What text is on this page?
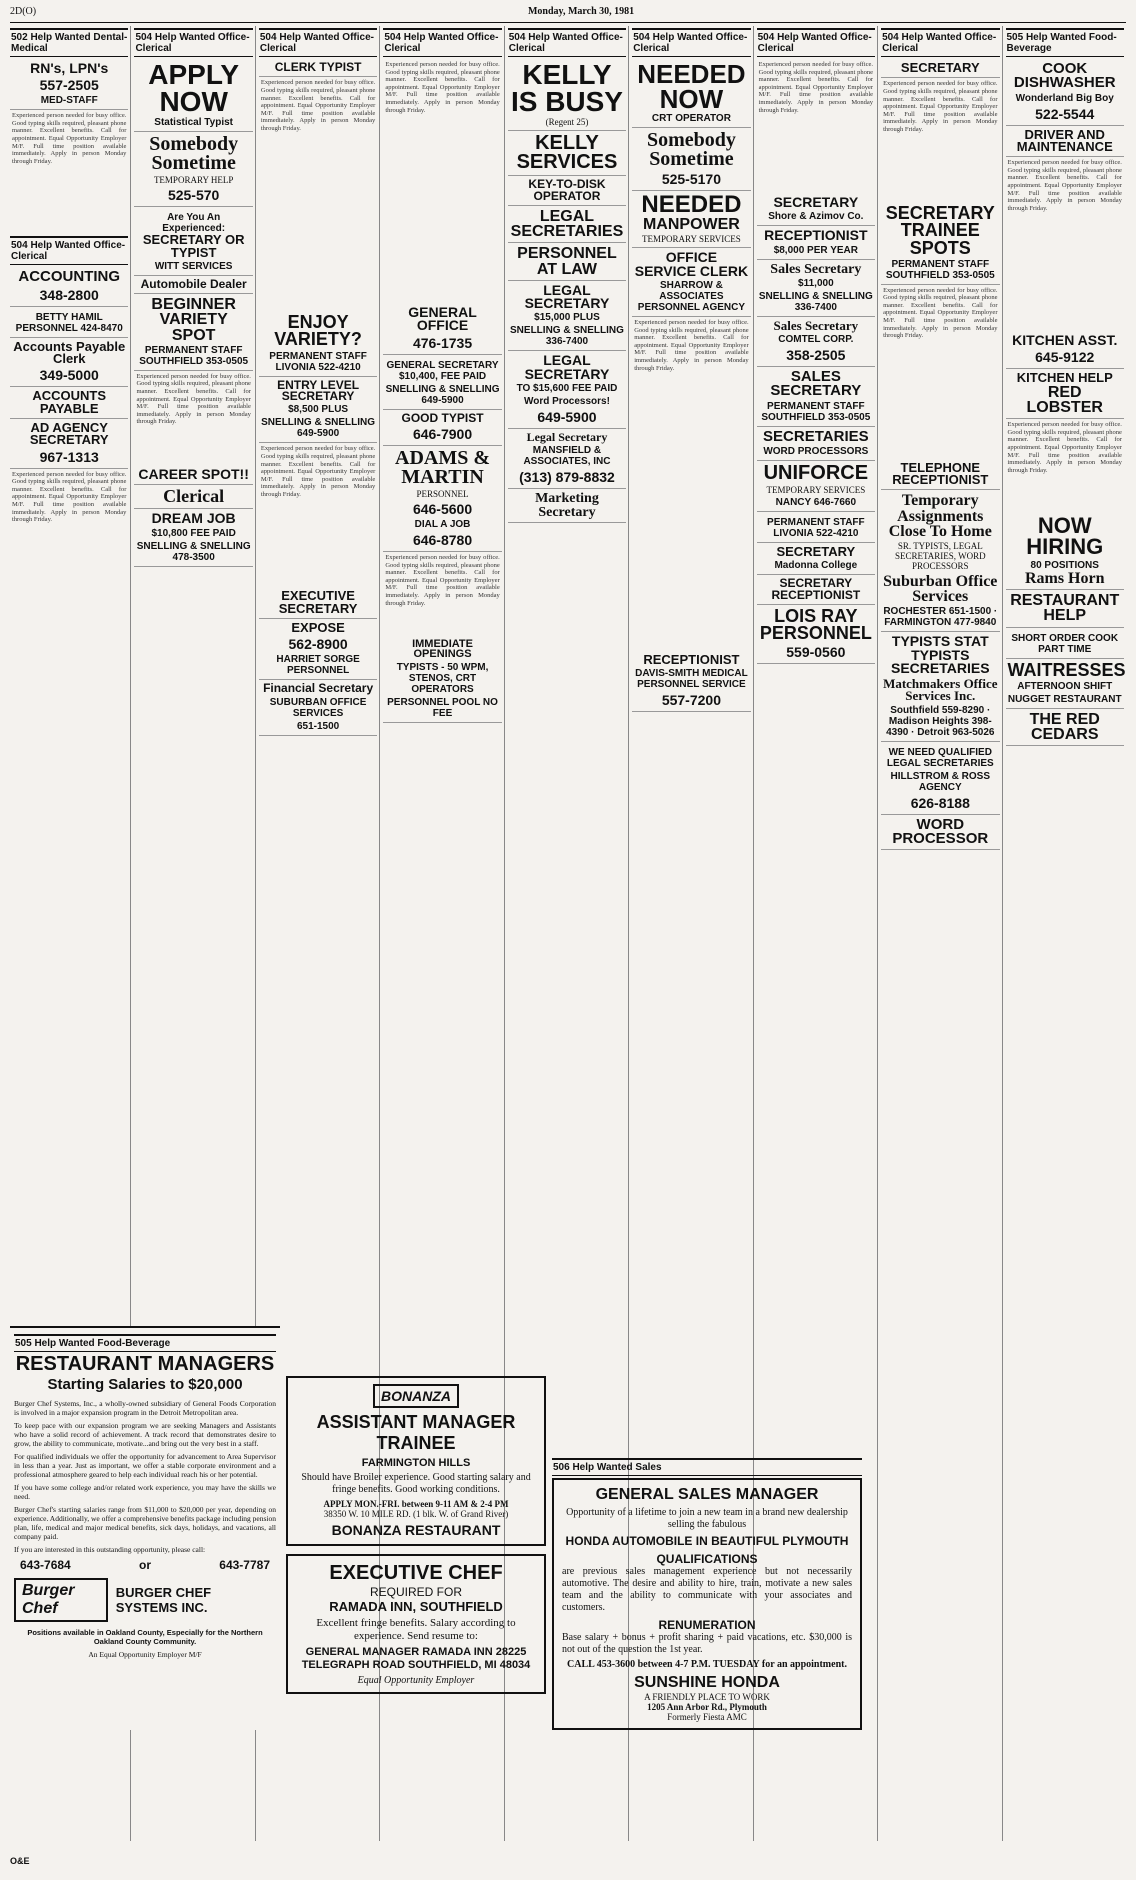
2D(O)	Monday, March 30, 1981
502 Help Wanted Dental-Medical
RN's, LPN's
557-2505
MED-STAFF
Experienced person needed for busy office. Good typing skills required, pleasant phone manner. Excellent benefits. Call for appointment. Equal Opportunity Employer M/F. Full time position available immediately. Apply in person Monday through Friday.
504 Help Wanted Office-Clerical
ACCOUNTING
348-2800
BETTY HAMIL PERSONNEL 424-8470
Accounts Payable Clerk
349-5000
ACCOUNTS PAYABLE
AD AGENCY SECRETARY
967-1313
Experienced person needed for busy office. Good typing skills required, pleasant phone manner. Excellent benefits. Call for appointment. Equal Opportunity Employer M/F. Full time position available immediately. Apply in person Monday through Friday.
504 Help Wanted Office-Clerical
APPLY NOW
Statistical Typist
Somebody Sometime
TEMPORARY HELP
525-570
Are You An Experienced:
SECRETARY OR TYPIST
WITT SERVICES
Automobile Dealer
BEGINNER VARIETY SPOT
PERMANENT STAFF SOUTHFIELD 353-0505
Experienced person needed for busy office. Good typing skills required, pleasant phone manner. Excellent benefits. Call for appointment. Equal Opportunity Employer M/F. Full time position available immediately. Apply in person Monday through Friday.
CAREER SPOT!!
Clerical
DREAM JOB
$10,800 FEE PAID
SNELLING & SNELLING 478-3500
504 Help Wanted Office-Clerical
CLERK TYPIST
Experienced person needed for busy office. Good typing skills required, pleasant phone manner. Excellent benefits. Call for appointment. Equal Opportunity Employer M/F. Full time position available immediately. Apply in person Monday through Friday.
ENJOY VARIETY?
PERMANENT STAFF LIVONIA 522-4210
ENTRY LEVEL SECRETARY
$8,500 PLUS
SNELLING & SNELLING 649-5900
Experienced person needed for busy office. Good typing skills required, pleasant phone manner. Excellent benefits. Call for appointment. Equal Opportunity Employer M/F. Full time position available immediately. Apply in person Monday through Friday.
EXECUTIVE SECRETARY
EXPOSE
562-8900
HARRIET SORGE PERSONNEL
Financial Secretary
SUBURBAN OFFICE SERVICES
651-1500
504 Help Wanted Office-Clerical
Experienced person needed for busy office. Good typing skills required, pleasant phone manner. Excellent benefits. Call for appointment. Equal Opportunity Employer M/F. Full time position available immediately. Apply in person Monday through Friday.
GENERAL OFFICE
476-1735
GENERAL SECRETARY $10,400, FEE PAID
SNELLING & SNELLING 649-5900
GOOD TYPIST
646-7900
ADAMS & MARTIN
PERSONNEL
646-5600
DIAL A JOB
646-8780
Experienced person needed for busy office. Good typing skills required, pleasant phone manner. Excellent benefits. Call for appointment. Equal Opportunity Employer M/F. Full time position available immediately. Apply in person Monday through Friday.
IMMEDIATE OPENINGS
TYPISTS - 50 WPM, STENOS, CRT OPERATORS
PERSONNEL POOL NO FEE
504 Help Wanted Office-Clerical
KELLY IS BUSY
(Regent 25)
KELLY SERVICES
KEY-TO-DISK OPERATOR
LEGAL SECRETARIES
PERSONNEL AT LAW
LEGAL SECRETARY
$15,000 PLUS
SNELLING & SNELLING 336-7400
LEGAL SECRETARY
TO $15,600 FEE PAID
Word Processors!
649-5900
Legal Secretary
MANSFIELD & ASSOCIATES, INC
(313) 879-8832
Marketing Secretary
504 Help Wanted Office-Clerical
NEEDED NOW
CRT OPERATOR
Somebody Sometime
525-5170
NEEDED
MANPOWER
TEMPORARY SERVICES
OFFICE SERVICE CLERK
SHARROW & ASSOCIATES PERSONNEL AGENCY
Experienced person needed for busy office. Good typing skills required, pleasant phone manner. Excellent benefits. Call for appointment. Equal Opportunity Employer M/F. Full time position available immediately. Apply in person Monday through Friday.
RECEPTIONIST
DAVIS-SMITH MEDICAL PERSONNEL SERVICE
557-7200
504 Help Wanted Office-Clerical
Experienced person needed for busy office. Good typing skills required, pleasant phone manner. Excellent benefits. Call for appointment. Equal Opportunity Employer M/F. Full time position available immediately. Apply in person Monday through Friday.
SECRETARY
Shore & Azimov Co.
RECEPTIONIST
$8,000 PER YEAR
Sales Secretary
$11,000
SNELLING & SNELLING 336-7400
Sales Secretary
COMTEL CORP.
358-2505
SALES SECRETARY
PERMANENT STAFF SOUTHFIELD 353-0505
SECRETARIES
WORD PROCESSORS
UNIFORCE
TEMPORARY SERVICES
NANCY 646-7660
PERMANENT STAFF LIVONIA 522-4210
SECRETARY
Madonna College
SECRETARY RECEPTIONIST
LOIS RAY PERSONNEL
559-0560
504 Help Wanted Office-Clerical
SECRETARY
Experienced person needed for busy office. Good typing skills required, pleasant phone manner. Excellent benefits. Call for appointment. Equal Opportunity Employer M/F. Full time position available immediately. Apply in person Monday through Friday.
SECRETARY TRAINEE SPOTS
PERMANENT STAFF SOUTHFIELD 353-0505
Experienced person needed for busy office. Good typing skills required, pleasant phone manner. Excellent benefits. Call for appointment. Equal Opportunity Employer M/F. Full time position available immediately. Apply in person Monday through Friday.
TELEPHONE RECEPTIONIST
Temporary Assignments Close To Home
SR. TYPISTS, LEGAL SECRETARIES, WORD PROCESSORS
Suburban Office Services
ROCHESTER 651-1500 · FARMINGTON 477-9840
TYPISTS STAT TYPISTS SECRETARIES
Matchmakers Office Services Inc.
Southfield 559-8290 · Madison Heights 398-4390 · Detroit 963-5026
WE NEED QUALIFIED LEGAL SECRETARIES
HILLSTROM & ROSS AGENCY
626-8188
WORD PROCESSOR
505 Help Wanted Food-Beverage
COOK DISHWASHER
Wonderland Big Boy
522-5544
DRIVER AND MAINTENANCE
Experienced person needed for busy office. Good typing skills required, pleasant phone manner. Excellent benefits. Call for appointment. Equal Opportunity Employer M/F. Full time position available immediately. Apply in person Monday through Friday.
KITCHEN ASST.
645-9122
KITCHEN HELP
RED LOBSTER
Experienced person needed for busy office. Good typing skills required, pleasant phone manner. Excellent benefits. Call for appointment. Equal Opportunity Employer M/F. Full time position available immediately. Apply in person Monday through Friday.
NOW HIRING
80 POSITIONS
Rams Horn
RESTAURANT HELP
SHORT ORDER COOK PART TIME
WAITRESSES
AFTERNOON SHIFT
NUGGET RESTAURANT
THE RED CEDARS
505 Help Wanted Food-Beverage
RESTAURANT MANAGERS
Starting Salaries to $20,000

Burger Chef Systems, Inc., a wholly-owned subsidiary of General Foods Corporation is involved in a major expansion program in the Detroit Metropolitan area.

To keep pace with our expansion program we are seeking Managers and Assistants who have a solid record of achievement. A track record that demonstrates desire to grow, the ability to communicate, motivate...and bring out the very best in a staff.

For qualified individuals we offer the opportunity for advancement to Area Supervisor in less than a year. Just as important, we offer a stable corporate environment and a professional atmosphere geared to help each individual reach his or her potential.

If you have some college and/or related work experience, you may have the skills we need.

Burger Chef's starting salaries range from $11,000 to $20,000 per year, depending on experience. Additionally, we offer a comprehensive benefits package including pension plan, life, medical and major medical benefits, sick days, holidays, and vacations, all company paid.

If you are interested in this outstanding opportunity, please call:

643-7684	or	643-7787
Burger Chef
BURGER CHEF SYSTEMS INC.

Positions available in Oakland County, Especially for the Northern Oakland County Community.

An Equal Opportunity Employer M/F

BONANZA
ASSISTANT MANAGER TRAINEE
FARMINGTON HILLS
Should have Broiler experience. Good starting salary and fringe benefits. Good working conditions.
APPLY MON.-FRI. between 9-11 AM & 2-4 PM
38350 W. 10 MILE RD. (1 blk. W. of Grand River)
BONANZA RESTAURANT
EXECUTIVE CHEF
REQUIRED FOR
RAMADA INN, SOUTHFIELD
Excellent fringe benefits. Salary according to experience. Send resume to:
GENERAL MANAGER RAMADA INN 28225 TELEGRAPH ROAD SOUTHFIELD, MI 48034
Equal Opportunity Employer
506 Help Wanted Sales
GENERAL SALES MANAGER
Opportunity of a lifetime to join a new team in a brand new dealership selling the fabulous
HONDA AUTOMOBILE IN BEAUTIFUL PLYMOUTH
QUALIFICATIONS
are previous sales management experience but not necessarily automotive. The desire and ability to hire, train, motivate a new sales team and the ability to communicate with your associates and customers.
RENUMERATION
Base salary + bonus + profit sharing + paid vacations, etc. $30,000 is not out of the question the 1st year.
CALL 453-3600 between 4-7 P.M. TUESDAY for an appointment.
SUNSHINE HONDA
A FRIENDLY PLACE TO WORK
1205 Ann Arbor Rd., Plymouth
Formerly Fiesta AMC
O&E
